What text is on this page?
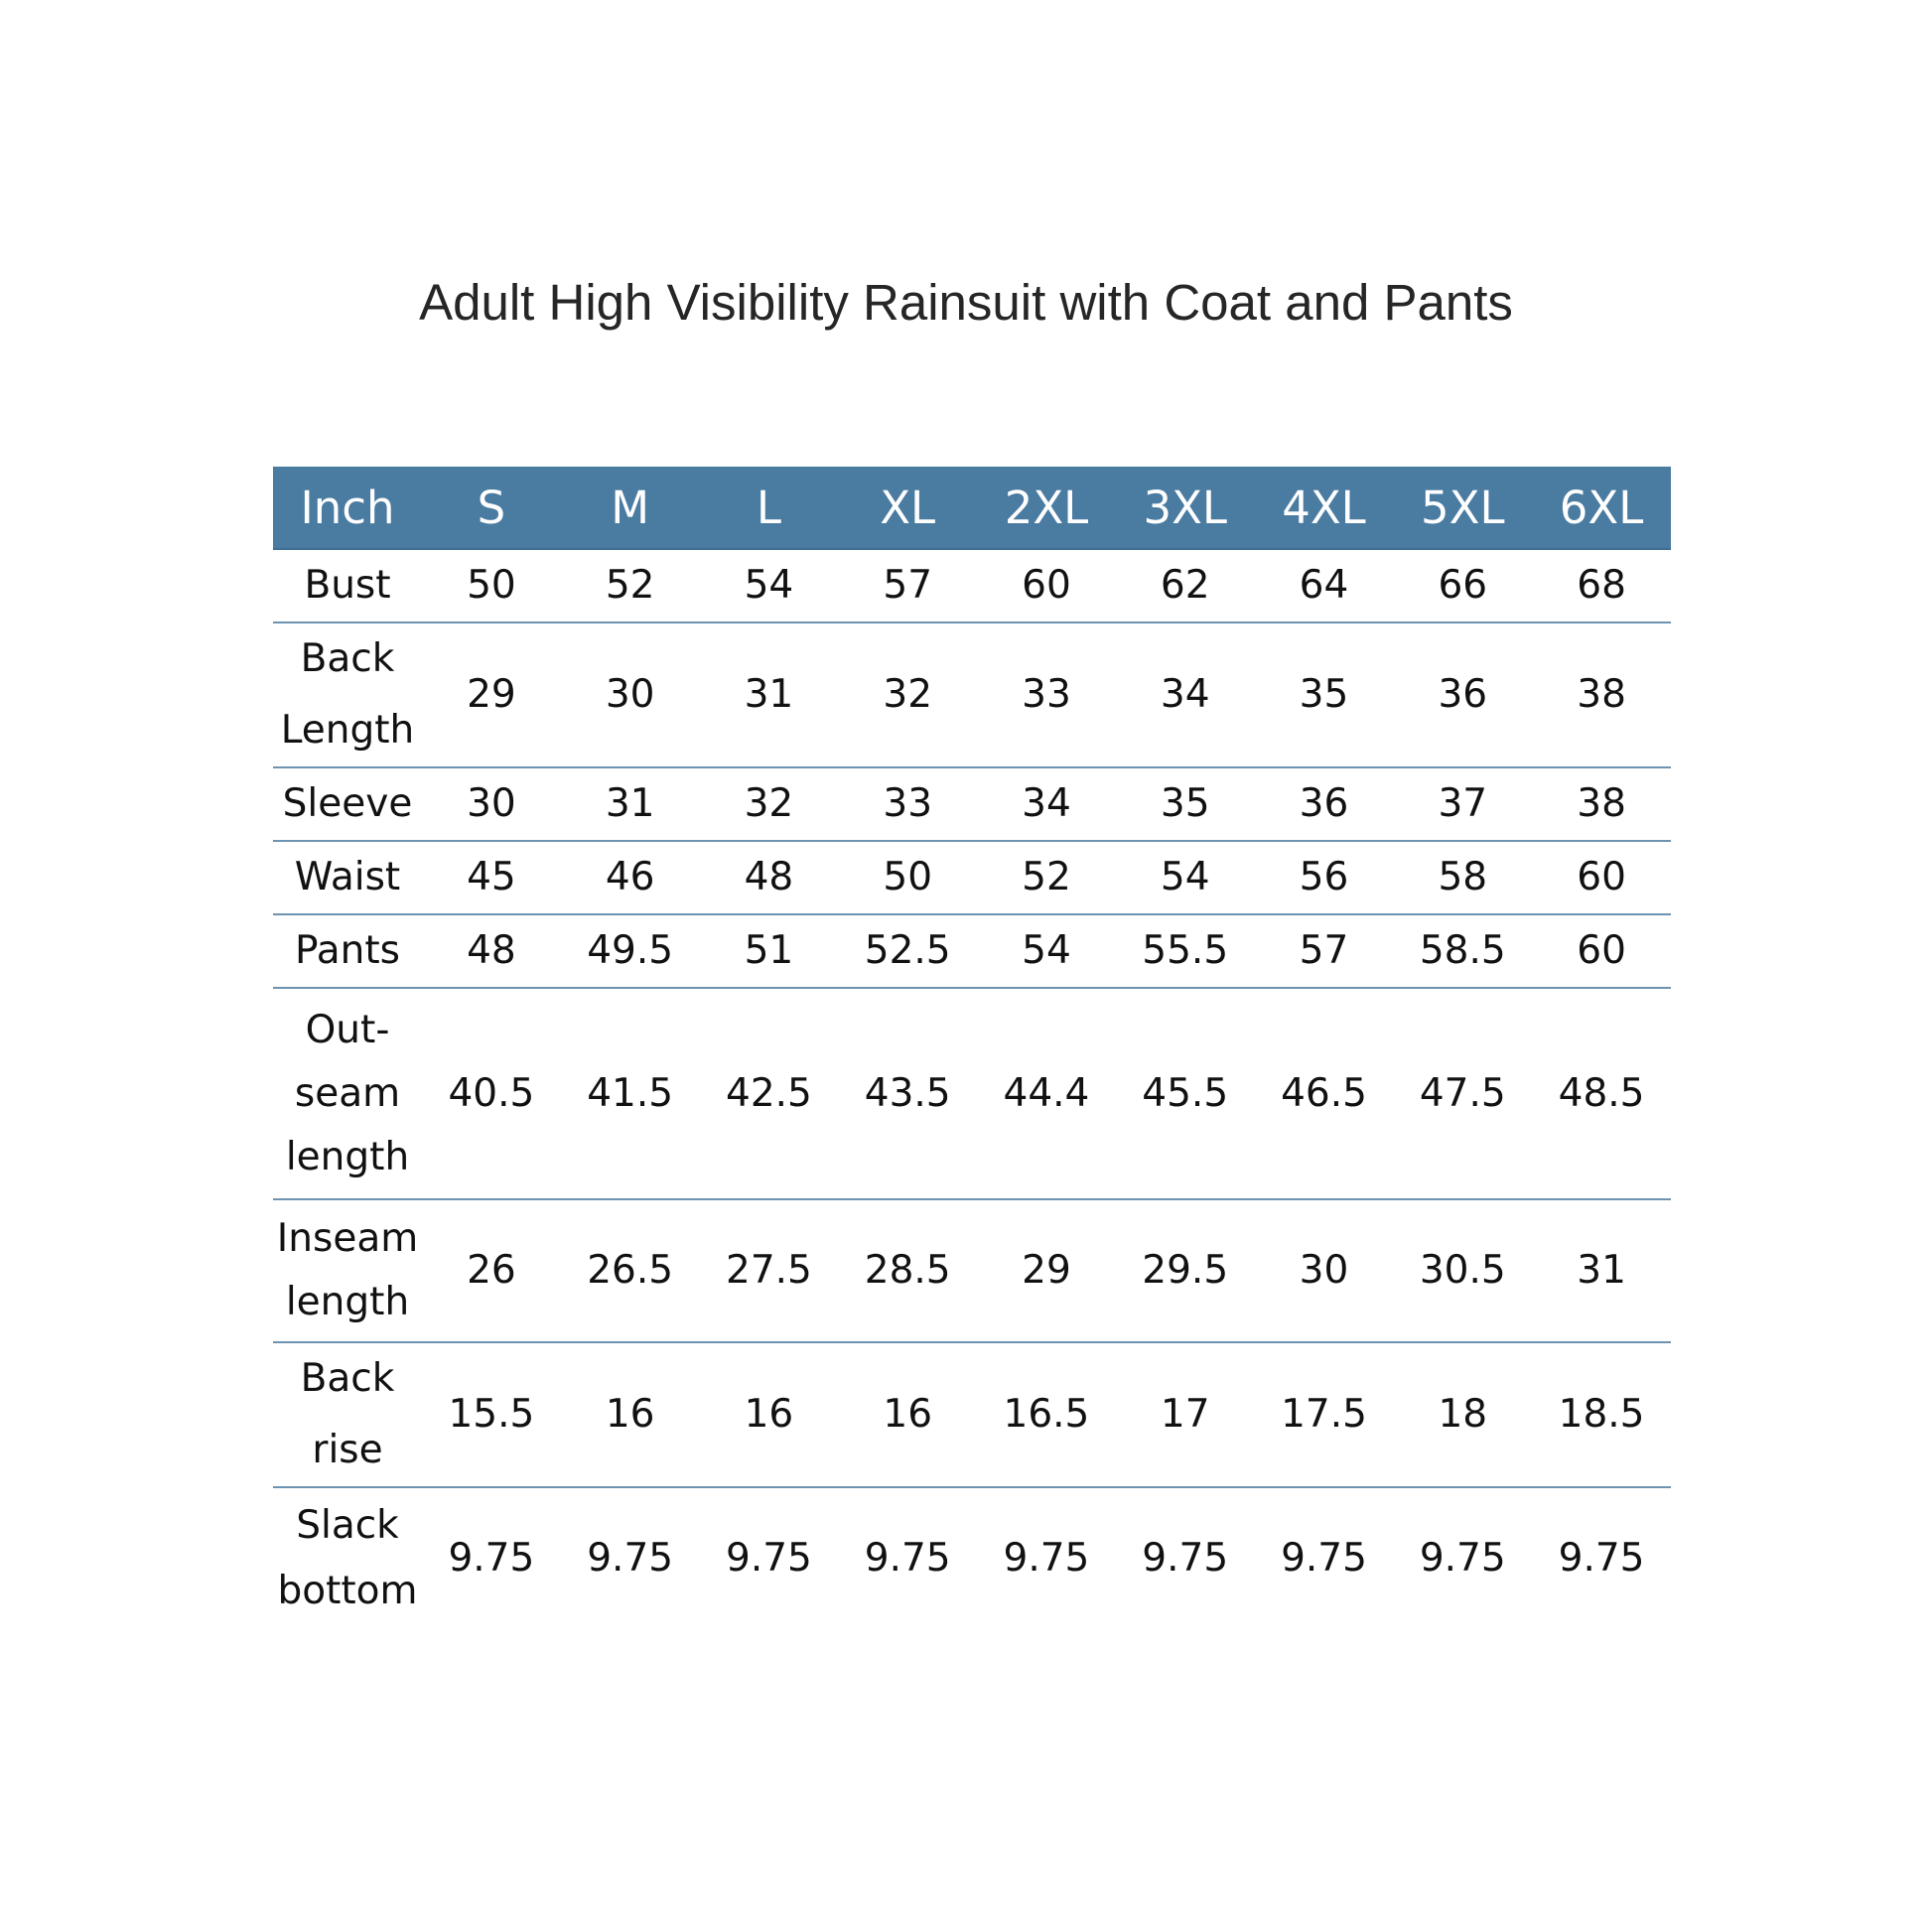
Adult High Visibility Rainsuit with Coat and Pants
Inch	S	M	L	XL	2XL	3XL	4XL	5XL	6XL
Bust	50	52	54	57	60	62	64	66	68
Back Length	29	30	31	32	33	34	35	36	38
Sleeve	30	31	32	33	34	35	36	37	38
Waist	45	46	48	50	52	54	56	58	60
Pants	48	49.5	51	52.5	54	55.5	57	58.5	60
Out-seam length	40.5	41.5	42.5	43.5	44.4	45.5	46.5	47.5	48.5
Inseam length	26	26.5	27.5	28.5	29	29.5	30	30.5	31
Back rise	15.5	16	16	16	16.5	17	17.5	18	18.5
Slack bottom	9.75	9.75	9.75	9.75	9.75	9.75	9.75	9.75	9.75
